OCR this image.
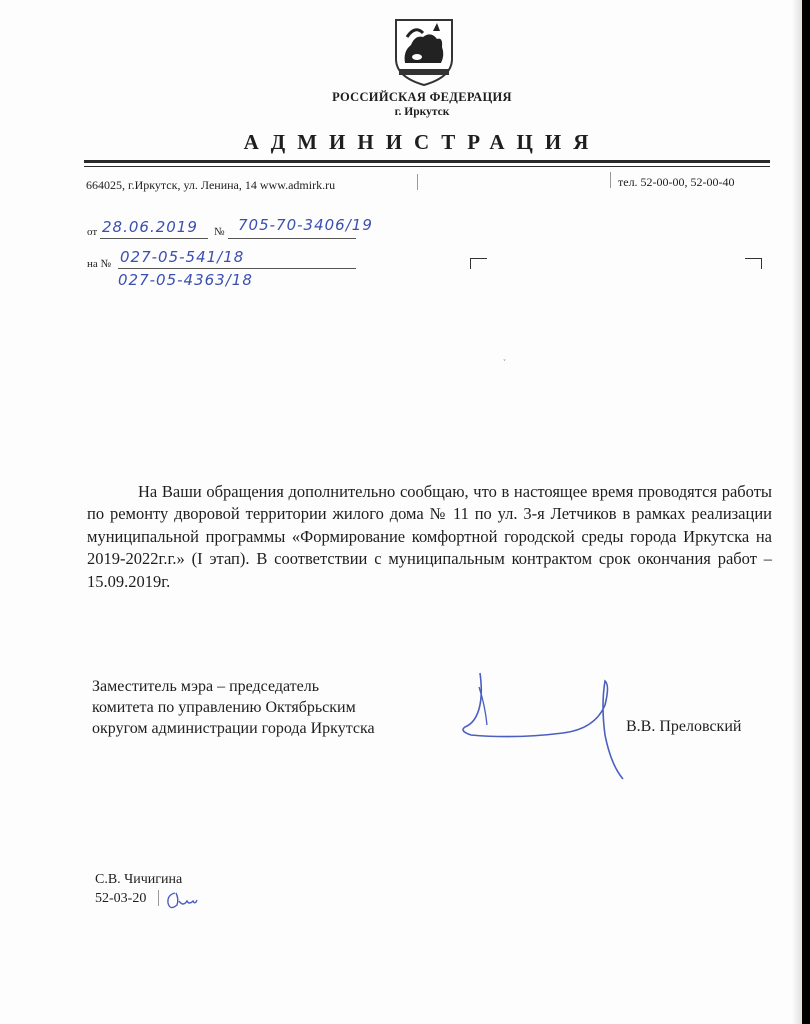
РОССИЙСКАЯ ФЕДЕРАЦИЯ
г. Иркутск
АДМИНИСТРАЦИЯ
664025, г.Иркутск, ул. Ленина, 14 www.admirk.ru	тел. 52-00-00, 52-00-40
от 28.06.2019 № 705-70-3406/19
на № 027-05-541/18
027-05-4363/18
˯

На Ваши обращения дополнительно сообщаю, что в настоящее время проводятся работы по ремонту дворовой территории жилого дома № 11 по ул. 3-я Летчиков в рамках реализации муниципальной программы «Формирование комфортной городской среды города Иркутска на 2019-2022г.г.» (I этап). В соответствии с муниципальным контрактом срок окончания работ – 15.09.2019г.

Заместитель мэра – председатель
комитета по управлению Октябрьским
округом администрации города Иркутска	В.В. Преловский
С.В. Чичигина
52-03-20
